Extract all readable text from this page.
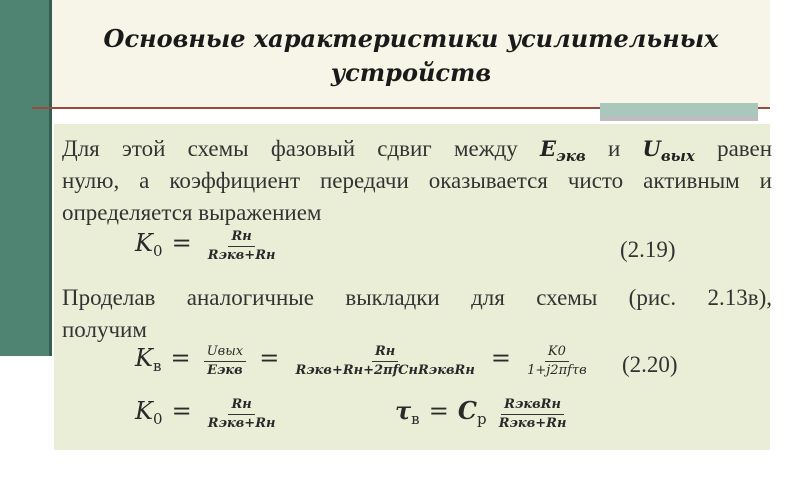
Основные характеристики усилительных
устройств
Для этой схемы фазовый сдвиг между $E_{экв}$ и $U_{вых}$ равен
нулю, а коэффициент передачи оказывается чисто активным и
определяется выражением
$K0 = \frac{Rн}{\text{Rэкв+Rн}}$	(2.19)
Проделав аналогичные выкладки для схемы (рис. 2.13в),
получим
Kв = $\frac{\text{Uвых}}{\text{Eэкв}} = \frac{Rн}{\text{Rэкв+Rн+2πfCнRэквRн}} = \frac{K0}{\text{1+j2πfτв}} (2.20)$
$K0 = \frac{Rн}{\text{Rэкв+Rн}}$	τв = Cр $\frac{\text{RэквRн}}{\text{Rэкв+Rн}}$
